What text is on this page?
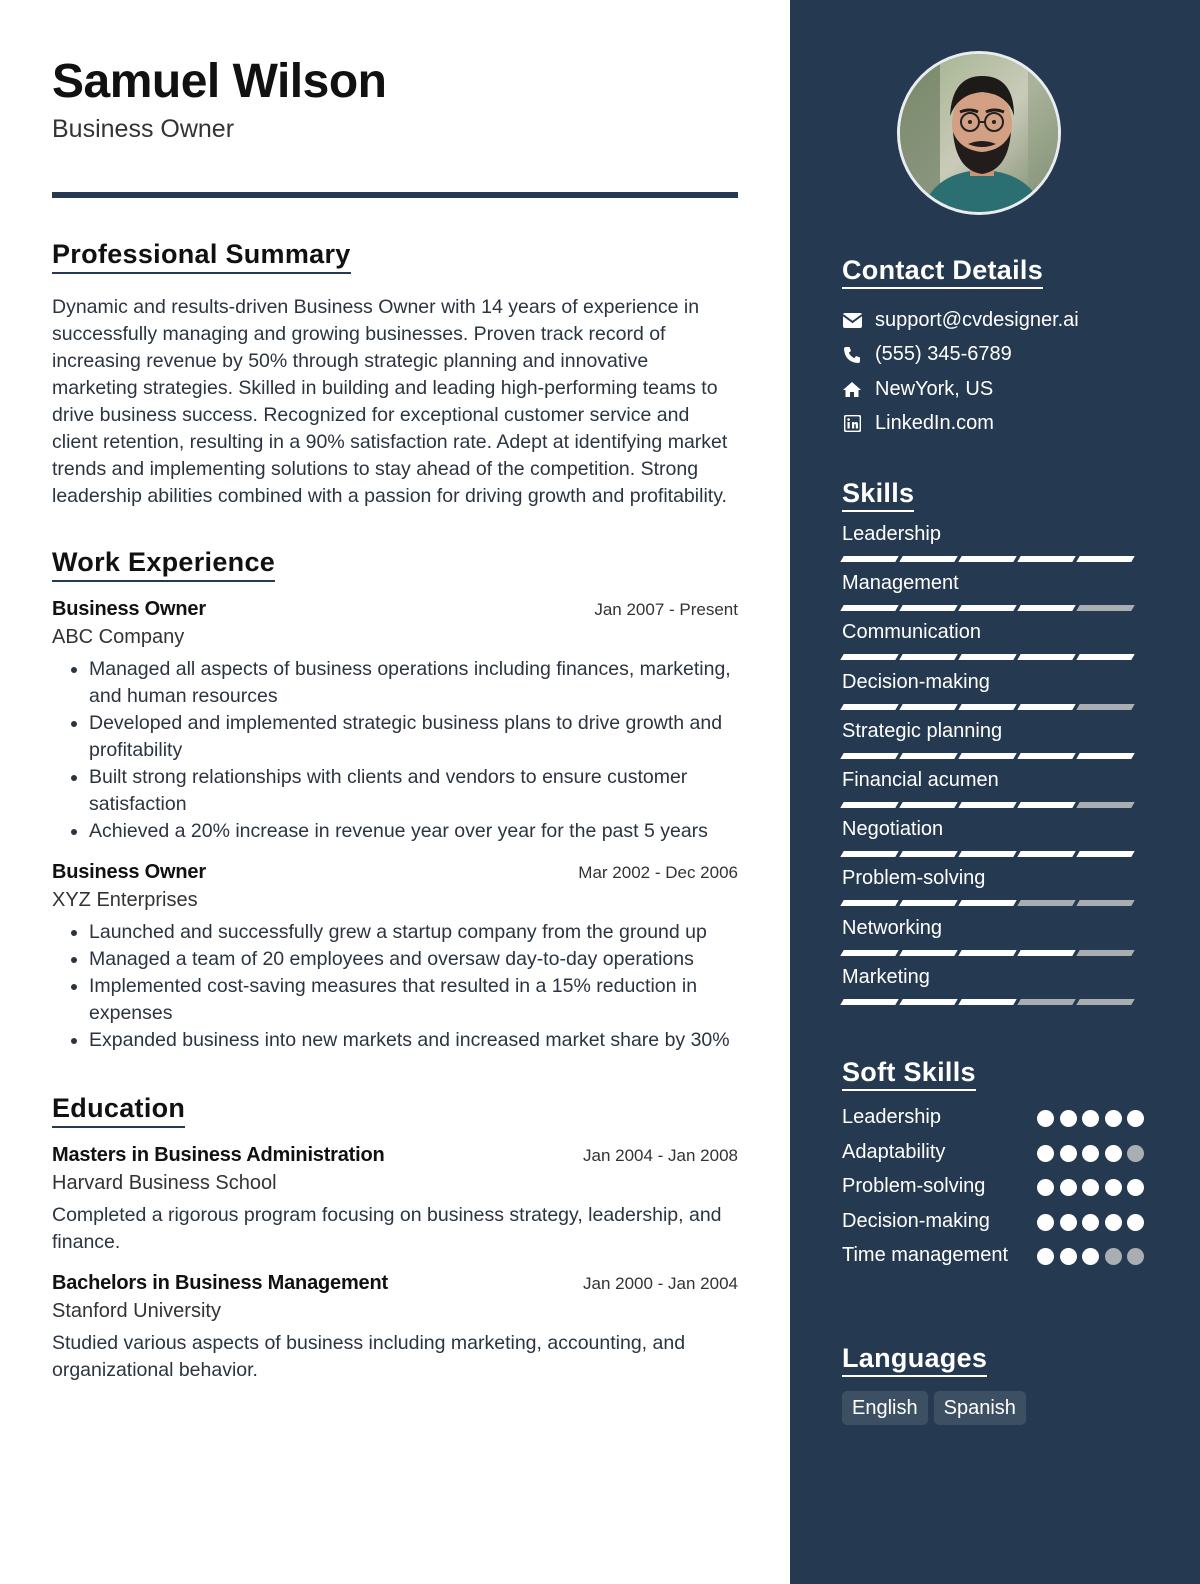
Samuel Wilson
Business Owner
Professional Summary

Dynamic and results-driven Business Owner with 14 years of experience in successfully managing and growing businesses. Proven track record of increasing revenue by 50% through strategic planning and innovative marketing strategies. Skilled in building and leading high-performing teams to drive business success. Recognized for exceptional customer service and client retention, resulting in a 90% satisfaction rate. Adept at identifying market trends and implementing solutions to stay ahead of the competition. Strong leadership abilities combined with a passion for driving growth and profitability.

Work Experience
Business Owner	Jan 2007 - Present
ABC Company
• Managed all aspects of business operations including finances, marketing, and human resources
• Developed and implemented strategic business plans to drive growth and profitability
• Built strong relationships with clients and vendors to ensure customer satisfaction
• Achieved a 20% increase in revenue year over year for the past 5 years
Business Owner	Mar 2002 - Dec 2006
XYZ Enterprises
• Launched and successfully grew a startup company from the ground up
• Managed a team of 20 employees and oversaw day-to-day operations
• Implemented cost-saving measures that resulted in a 15% reduction in expenses
• Expanded business into new markets and increased market share by 30%
Education
Masters in Business Administration	Jan 2004 - Jan 2008
Harvard Business School

Completed a rigorous program focusing on business strategy, leadership, and finance.

Bachelors in Business Management	Jan 2000 - Jan 2004
Stanford University

Studied various aspects of business including marketing, accounting, and organizational behavior.

Contact Details
support@cvdesigner.ai
(555) 345-6789
NewYork, US
LinkedIn.com
Skills
Leadership
Management
Communication
Decision-making
Strategic planning
Financial acumen
Negotiation
Problem-solving
Networking
Marketing
Soft Skills
Leadership
Adaptability
Problem-solving
Decision-making
Time management
Languages
English	Spanish
